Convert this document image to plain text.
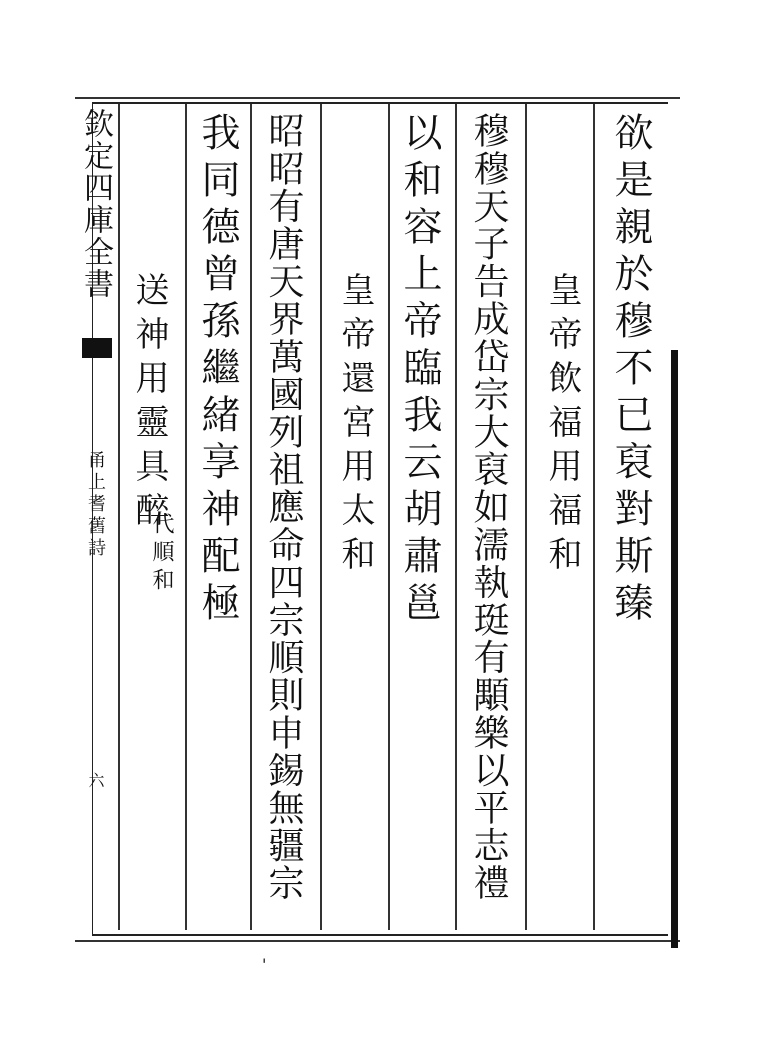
欽定四庫全書
甬上耆舊詩
六
欲是親於穆不已裒對斯臻
皇帝飲福用福和
穆穆天子告成岱宗大裒如濡執珽有顒樂以平志禮
以和容上帝臨我云胡肅邕
皇帝還宮用太和
昭昭有唐天界萬國列祖應命四宗順則申錫無疆宗
我同德曾孫繼緒享神配極
送神用靈具醉
代順和
'
